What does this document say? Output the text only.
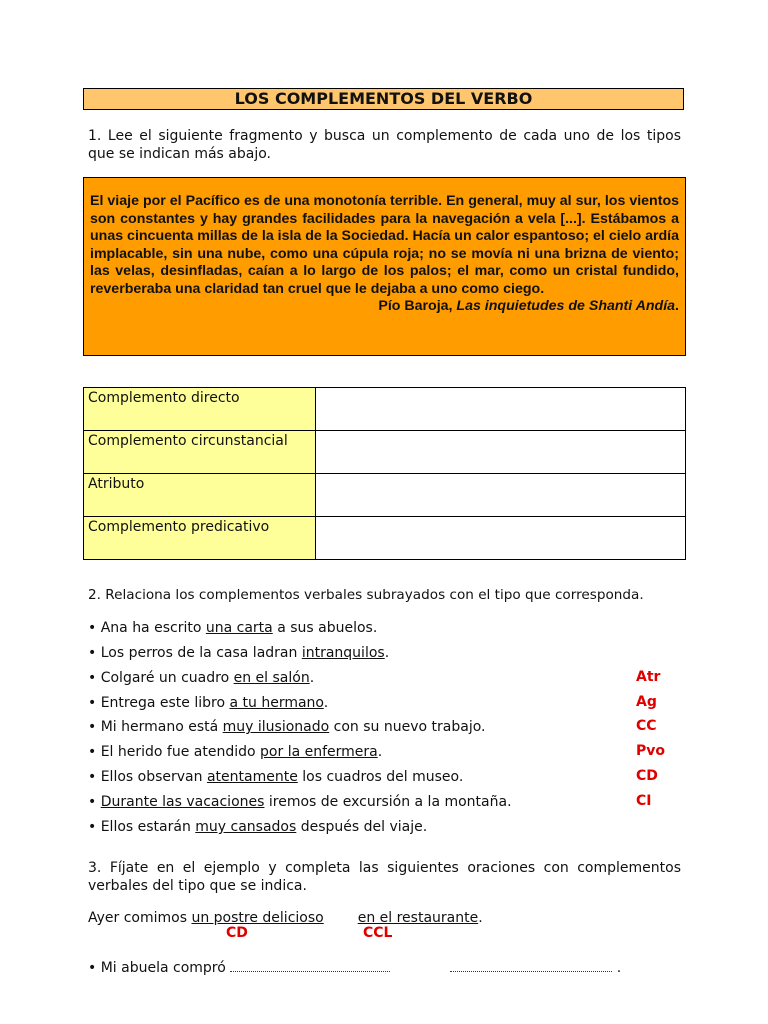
LOS COMPLEMENTOS DEL VERBO
1. Lee el siguiente fragmento y busca un complemento de cada uno de los tipos que se indican más abajo.
El viaje por el Pacífico es de una monotonía terrible. En general, muy al sur, los vientos son constantes y hay grandes facilidades para la navegación a vela [...]. Estábamos a unas cincuenta millas de la isla de la Sociedad. Hacía un calor espantoso; el cielo ardía implacable, sin una nube, como una cúpula roja; no se movía ni una brizna de viento; las velas, desinfladas, caían a lo largo de los palos; el mar, como un cristal fundido, reverberaba una claridad tan cruel que le dejaba a uno como ciego.
Pío Baroja, Las inquietudes de Shanti Andía.
Complemento directo	
Complemento circunstancial	
Atributo	
Complemento predicativo	
2. Relaciona los complementos verbales subrayados con el tipo que corresponda.
• Ana ha escrito una carta a sus abuelos.
• Los perros de la casa ladran intranquilos.
• Colgaré un cuadro en el salón.
• Entrega este libro a tu hermano.
• Mi hermano está muy ilusionado con su nuevo trabajo.
• El herido fue atendido por la enfermera.
• Ellos observan atentamente los cuadros del museo.
• Durante las vacaciones iremos de excursión a la montaña.
• Ellos estarán muy cansados después del viaje.
Atr
Ag
CC
Pvo
CD
CI
3. Fíjate en el ejemplo y completa las siguientes oraciones con complementos verbales del tipo que se indica.
Ayer comimos un postre delicioso en el restaurante.
CD	CCL
• Mi abuela compró	.
